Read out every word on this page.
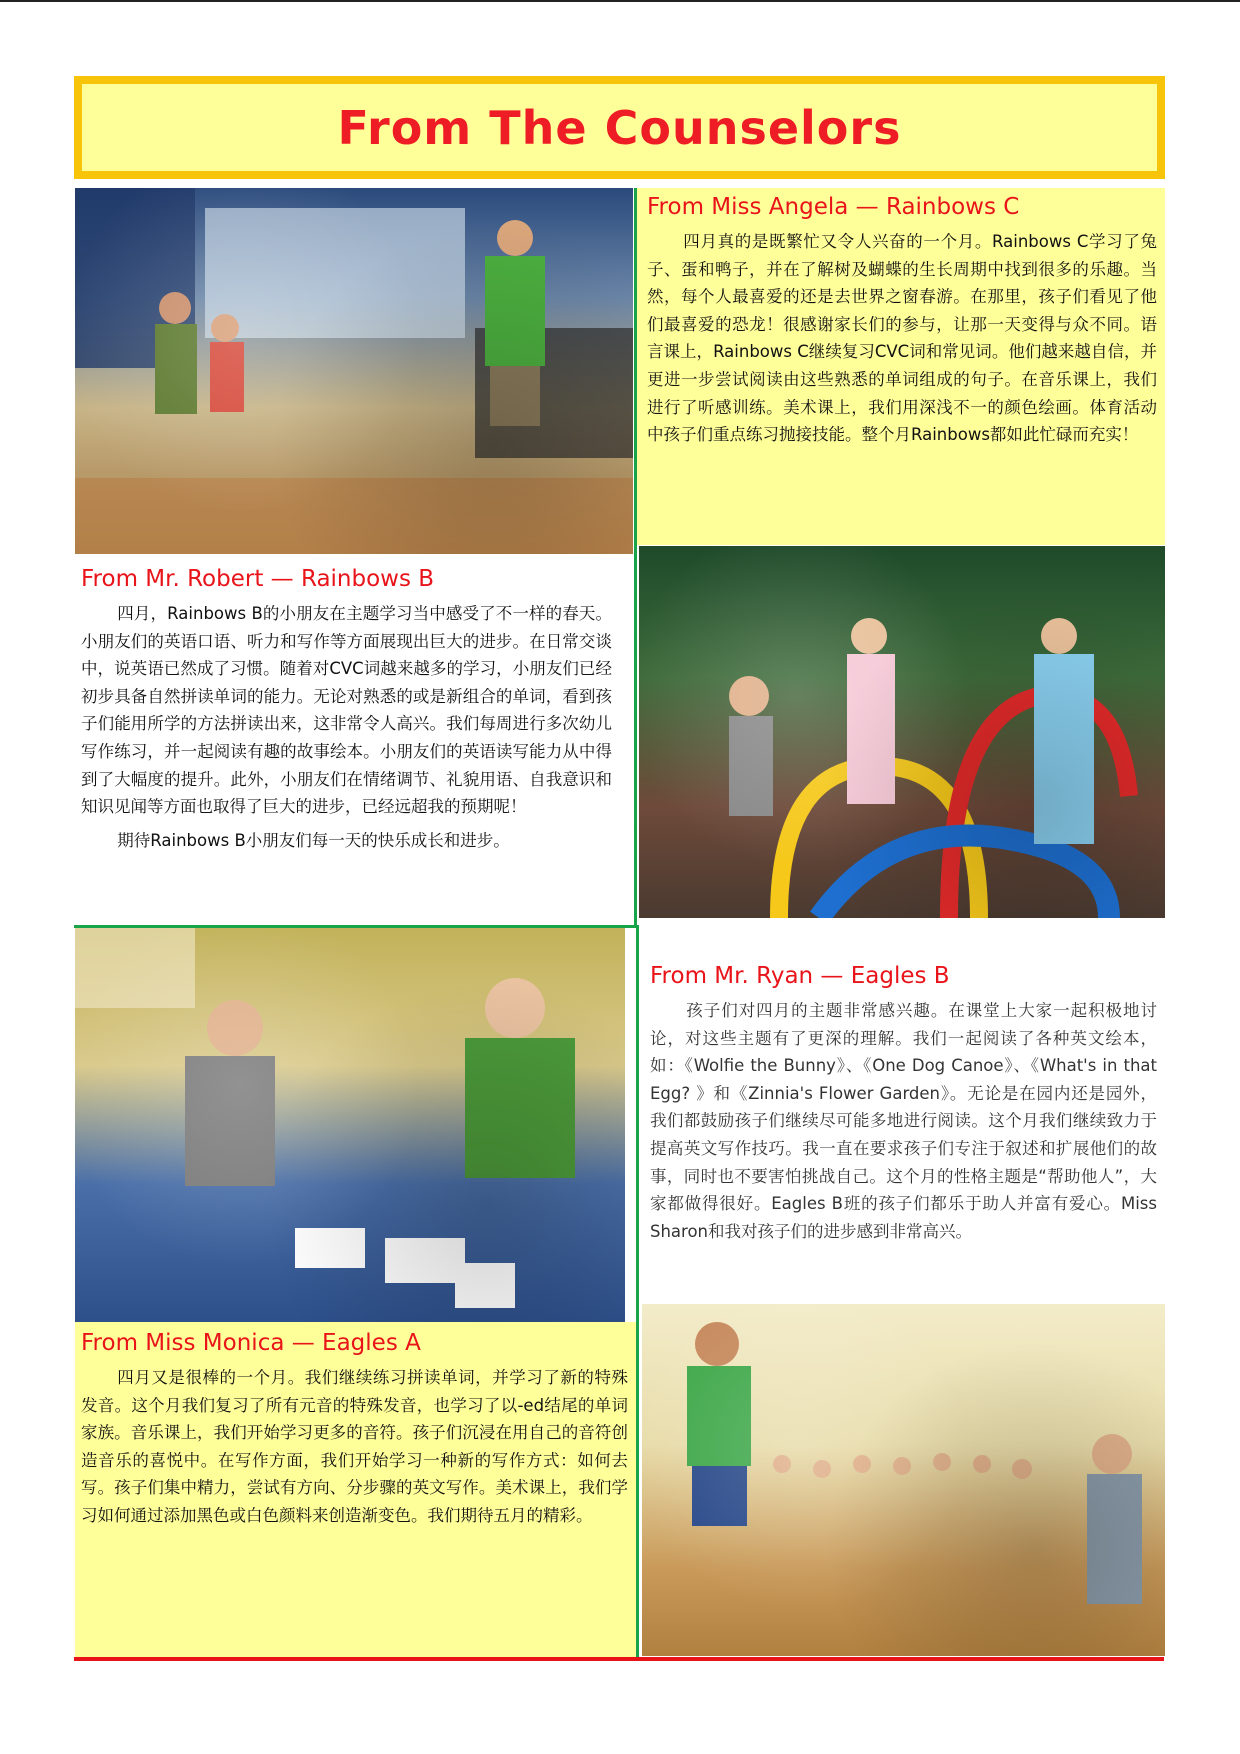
From The Counselors
From Miss Angela — Rainbows C

四月真的是既繁忙又令人兴奋的一个月。Rainbows C学习了兔子、蛋和鸭子，并在了解树及蝴蝶的生长周期中找到很多的乐趣。当然，每个人最喜爱的还是去世界之窗春游。在那里，孩子们看见了他们最喜爱的恐龙！很感谢家长们的参与，让那一天变得与众不同。语言课上，Rainbows C继续复习CVC词和常见词。他们越来越自信，并更进一步尝试阅读由这些熟悉的单词组成的句子。在音乐课上，我们进行了听感训练。美术课上，我们用深浅不一的颜色绘画。体育活动中孩子们重点练习抛接技能。整个月Rainbows都如此忙碌而充实！

From Mr. Robert — Rainbows B

四月，Rainbows B的小朋友在主题学习当中感受了不一样的春天。小朋友们的英语口语、听力和写作等方面展现出巨大的进步。在日常交谈中，说英语已然成了习惯。随着对CVC词越来越多的学习，小朋友们已经初步具备自然拼读单词的能力。无论对熟悉的或是新组合的单词，看到孩子们能用所学的方法拼读出来，这非常令人高兴。我们每周进行多次幼儿写作练习，并一起阅读有趣的故事绘本。小朋友们的英语读写能力从中得到了大幅度的提升。此外，小朋友们在情绪调节、礼貌用语、自我意识和知识见闻等方面也取得了巨大的进步，已经远超我的预期呢！

期待Rainbows B小朋友们每一天的快乐成长和进步。

From Mr. Ryan — Eagles B

孩子们对四月的主题非常感兴趣。在课堂上大家一起积极地讨论，对这些主题有了更深的理解。我们一起阅读了各种英文绘本，如：《Wolfie the Bunny》、《One Dog Canoe》、《What's in that Egg? 》和《Zinnia's Flower Garden》。无论是在园内还是园外，我们都鼓励孩子们继续尽可能多地进行阅读。这个月我们继续致力于提高英文写作技巧。我一直在要求孩子们专注于叙述和扩展他们的故事，同时也不要害怕挑战自己。这个月的性格主题是“帮助他人”，大家都做得很好。Eagles B班的孩子们都乐于助人并富有爱心。Miss Sharon和我对孩子们的进步感到非常高兴。

From Miss Monica — Eagles A

四月又是很棒的一个月。我们继续练习拼读单词，并学习了新的特殊发音。这个月我们复习了所有元音的特殊发音，也学习了以-ed结尾的单词家族。音乐课上，我们开始学习更多的音符。孩子们沉浸在用自己的音符创造音乐的喜悦中。在写作方面，我们开始学习一种新的写作方式：如何去写。孩子们集中精力，尝试有方向、分步骤的英文写作。美术课上，我们学习如何通过添加黑色或白色颜料来创造渐变色。我们期待五月的精彩。
